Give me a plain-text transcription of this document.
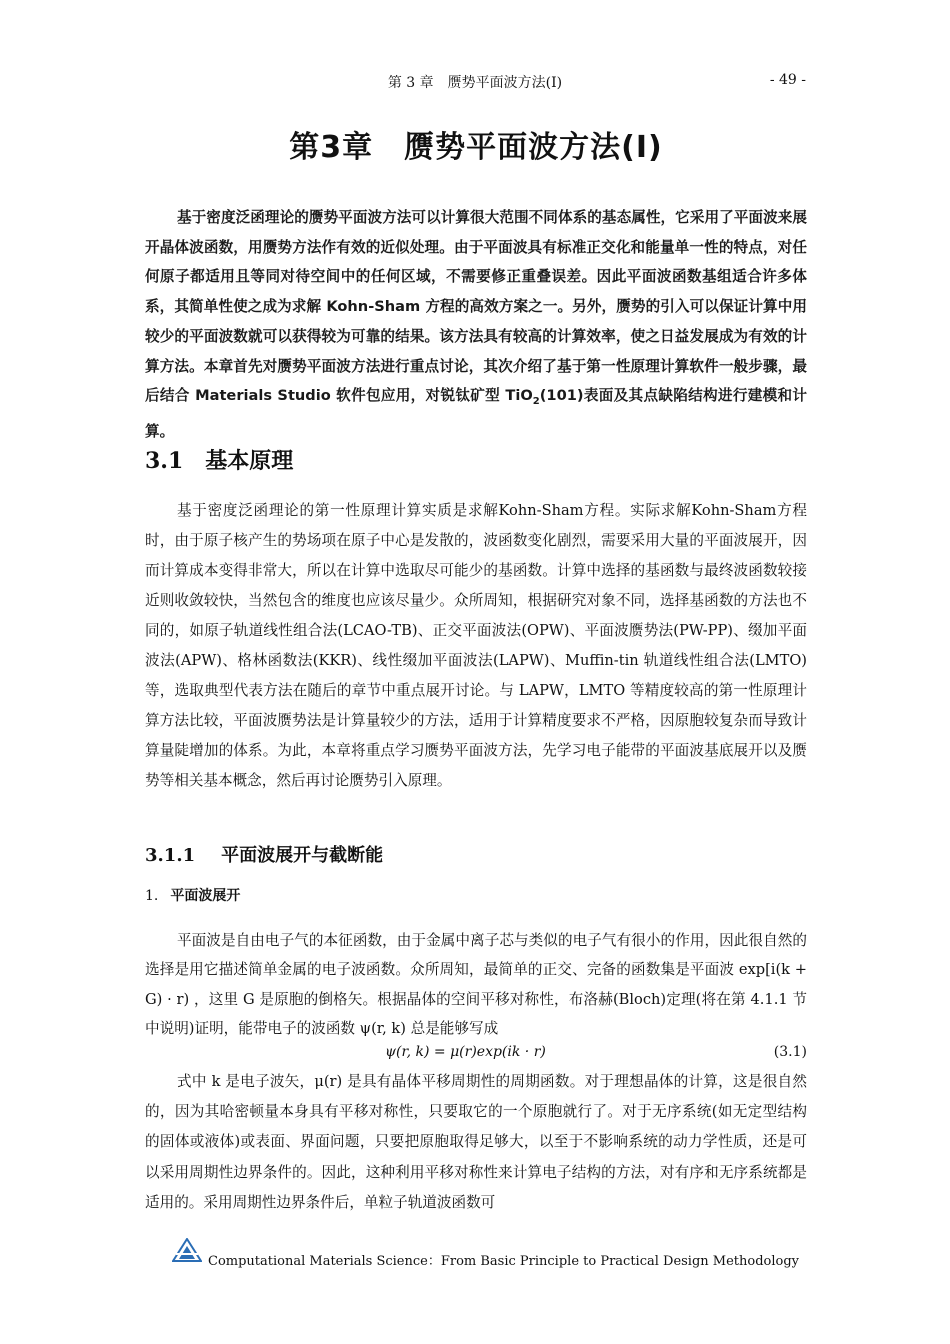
第 3 章　赝势平面波方法(I)	- 49 -
第3章　赝势平面波方法(I)

基于密度泛函理论的赝势平面波方法可以计算很大范围不同体系的基态属性，它采用了平面波来展开晶体波函数，用赝势方法作有效的近似处理。由于平面波具有标准正交化和能量单一性的特点，对任何原子都适用且等同对待空间中的任何区域，不需要修正重叠误差。因此平面波函数基组适合许多体系，其简单性使之成为求解 Kohn-Sham 方程的高效方案之一。另外，赝势的引入可以保证计算中用较少的平面波数就可以获得较为可靠的结果。该方法具有较高的计算效率，使之日益发展成为有效的计算方法。本章首先对赝势平面波方法进行重点讨论，其次介绍了基于第一性原理计算软件一般步骤，最后结合 Materials Studio 软件包应用，对锐钛矿型 TiO$_2$(101)表面及其点缺陷结构进行建模和计算。

3.1 基本原理

基于密度泛函理论的第一性原理计算实质是求解Kohn-Sham方程。实际求解Kohn-Sham方程时，由于原子核产生的势场项在原子中心是发散的，波函数变化剧烈，需要采用大量的平面波展开，因而计算成本变得非常大，所以在计算中选取尽可能少的基函数。计算中选择的基函数与最终波函数较接近则收敛较快，当然包含的维度也应该尽量少。众所周知，根据研究对象不同，选择基函数的方法也不同的，如原子轨道线性组合法(LCAO-TB)、正交平面波法(OPW)、平面波赝势法(PW-PP)、缀加平面波法(APW)、格林函数法(KKR)、线性缀加平面波法(LAPW)、Muffin-tin 轨道线性组合法(LMTO)等，选取典型代表方法在随后的章节中重点展开讨论。与 LAPW，LMTO 等精度较高的第一性原理计算方法比较，平面波赝势法是计算量较少的方法，适用于计算精度要求不严格，因原胞较复杂而导致计算量陡增加的体系。为此，本章将重点学习赝势平面波方法，先学习电子能带的平面波基底展开以及赝势等相关基本概念，然后再讨论赝势引入原理。

3.1.1 平面波展开与截断能
1. 平面波展开

平面波是自由电子气的本征函数，由于金属中离子芯与类似的电子气有很小的作用，因此很自然的选择是用它描述简单金属的电子波函数。众所周知，最简单的正交、完备的函数集是平面波 exp[i(k + G) · r) ，这里 G 是原胞的倒格矢。根据晶体的空间平移对称性，布洛赫(Bloch)定理(将在第 4.1.1 节中说明)证明，能带电子的波函数 ψ(r, k) 总是能够写成

ψ(r, k) = μ(r)exp(ik · r)	(3.1)

式中 k 是电子波矢，μ(r) 是具有晶体平移周期性的周期函数。对于理想晶体的计算，这是很自然的，因为其哈密顿量本身具有平移对称性，只要取它的一个原胞就行了。对于无序系统(如无定型结构的固体或液体)或表面、界面问题，只要把原胞取得足够大，以至于不影响系统的动力学性质，还是可以采用周期性边界条件的。因此，这种利用平移对称性来计算电子结构的方法，对有序和无序系统都是适用的。采用周期性边界条件后，单粒子轨道波函数可

Computational Materials Science：From Basic Principle to Practical Design Methodology
